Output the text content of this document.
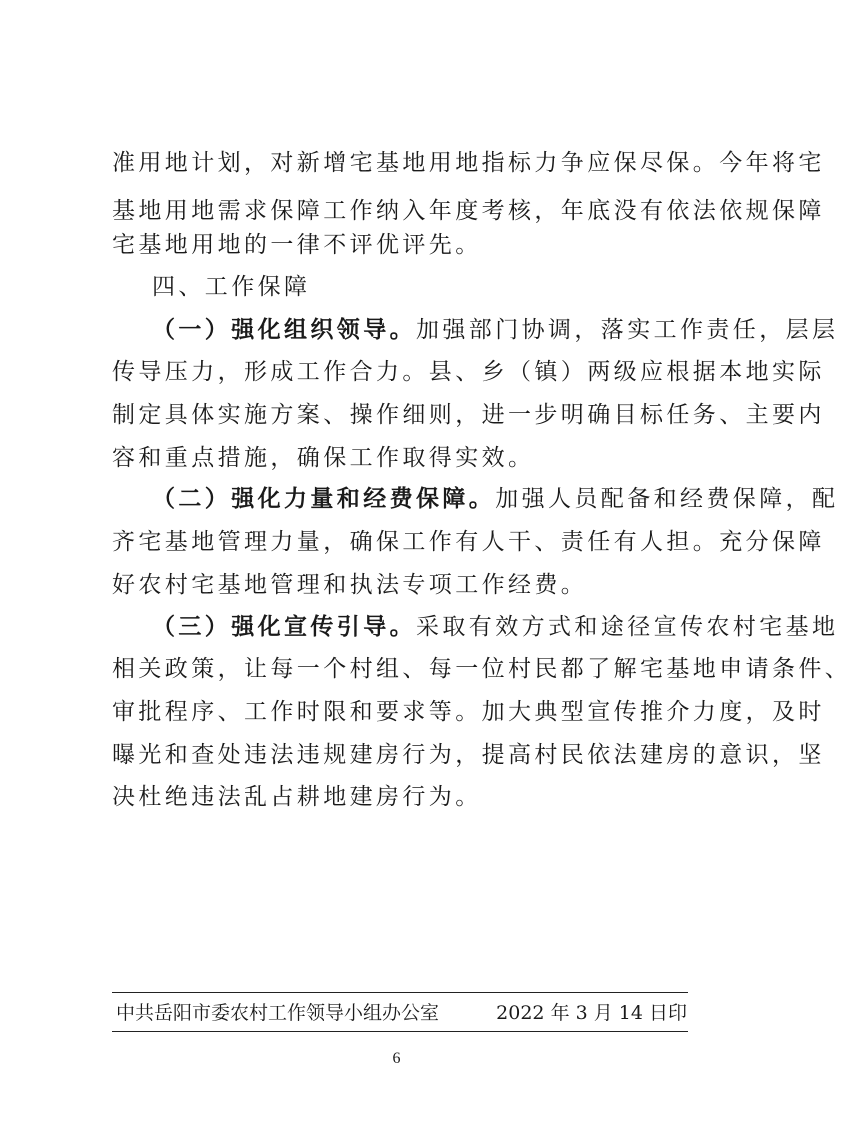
准用地计划，对新增宅基地用地指标力争应保尽保。今年将宅
基地用地需求保障工作纳入年度考核，年底没有依法依规保障
宅基地用地的一律不评优评先。
四、工作保障
（一）强化组织领导。加强部门协调，落实工作责任，层层
传导压力，形成工作合力。县、乡（镇）两级应根据本地实际
制定具体实施方案、操作细则，进一步明确目标任务、主要内
容和重点措施，确保工作取得实效。
（二）强化力量和经费保障。加强人员配备和经费保障，配
齐宅基地管理力量，确保工作有人干、责任有人担。充分保障
好农村宅基地管理和执法专项工作经费。
（三）强化宣传引导。采取有效方式和途径宣传农村宅基地
相关政策，让每一个村组、每一位村民都了解宅基地申请条件、
审批程序、工作时限和要求等。加大典型宣传推介力度，及时
曝光和查处违法违规建房行为，提高村民依法建房的意识，坚
决杜绝违法乱占耕地建房行为。
中共岳阳市委农村工作领导小组办公室	2022 年 3 月 14 日印
6
